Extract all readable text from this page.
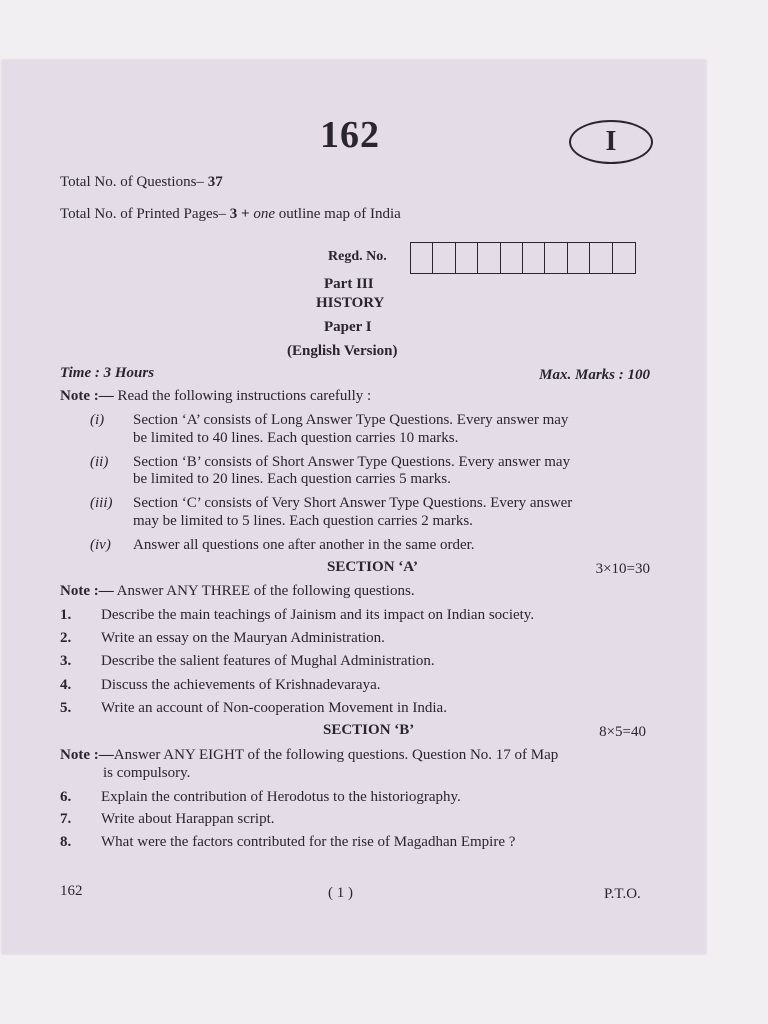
162	I
Total No. of Questions– 37
Total No. of Printed Pages– 3 + one outline map of India
Regd. No.
Part III
HISTORY
Paper I
(English Version)
Time : 3 Hours	Max. Marks : 100
Note :— Read the following instructions carefully :
(i) Section ‘A’ consists of Long Answer Type Questions. Every answer may
be limited to 40 lines. Each question carries 10 marks.
(ii) Section ‘B’ consists of Short Answer Type Questions. Every answer may
be limited to 20 lines. Each question carries 5 marks.
(iii) Section ‘C’ consists of Very Short Answer Type Questions. Every answer
may be limited to 5 lines. Each question carries 2 marks.
(iv) Answer all questions one after another in the same order.
SECTION ‘A’	3×10=30
Note :— Answer ANY THREE of the following questions.
1. Describe the main teachings of Jainism and its impact on Indian society.
2. Write an essay on the Mauryan Administration.
3. Describe the salient features of Mughal Administration.
4. Discuss the achievements of Krishnadevaraya.
5. Write an account of Non-cooperation Movement in India.
SECTION ‘B’	8×5=40
Note :—Answer ANY EIGHT of the following questions. Question No. 17 of Map
is compulsory.
6. Explain the contribution of Herodotus to the historiography.
7. Write about Harappan script.
8. What were the factors contributed for the rise of Magadhan Empire ?
162	( 1 )	P.T.O.
